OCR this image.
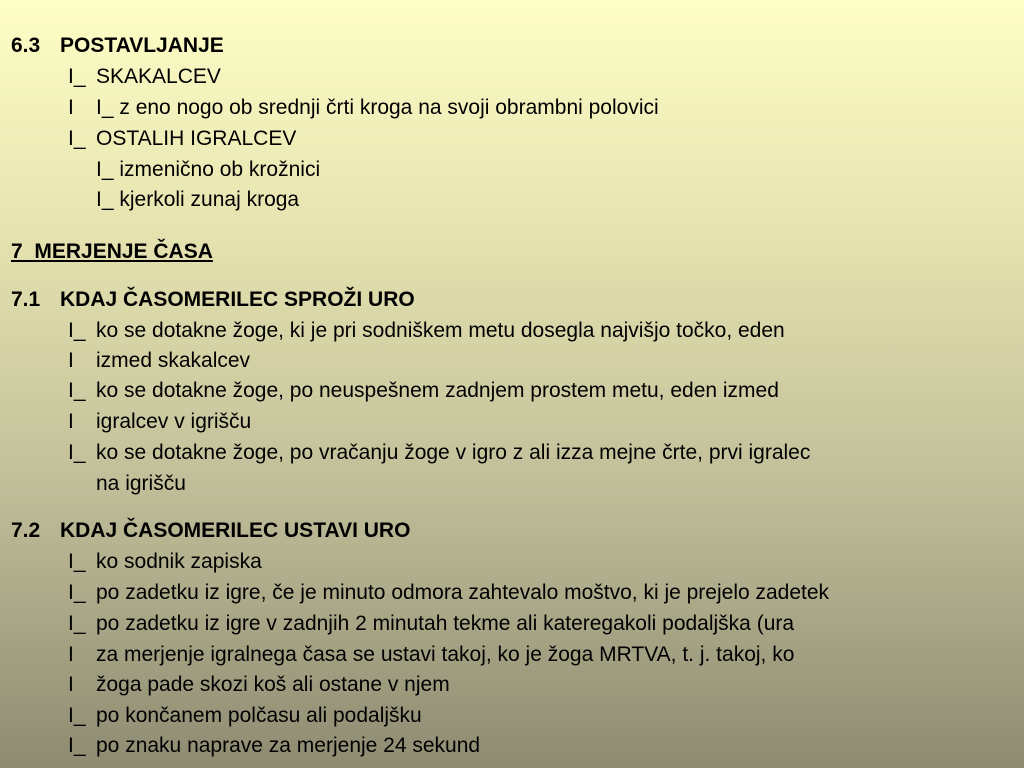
6.3 POSTAVLJANJE
I_ SKAKALCEV
I I_ z eno nogo ob srednji črti kroga na svoji obrambni polovici
I_ OSTALIH IGRALCEV
I_ izmenično ob krožnici
I_ kjerkoli zunaj kroga
7  MERJENJE ČASA
7.1 KDAJ ČASOMERILEC SPROŽI URO
I_ ko se dotakne žoge, ki je pri sodniškem metu dosegla najvišjo točko, eden
I izmed skakalcev
I_ ko se dotakne žoge, po neuspešnem zadnjem prostem metu, eden izmed
I igralcev v igrišču
I_ ko se dotakne žoge, po vračanju žoge v igro z ali izza mejne črte, prvi igralec
na igrišču
7.2 KDAJ ČASOMERILEC USTAVI URO
I_ ko sodnik zapiska
I_ po zadetku iz igre, če je minuto odmora zahtevalo moštvo, ki je prejelo zadetek
I_ po zadetku iz igre v zadnjih 2 minutah tekme ali kateregakoli podaljška (ura
I za merjenje igralnega časa se ustavi takoj, ko je žoga MRTVA, t. j. takoj, ko
I žoga pade skozi koš ali ostane v njem
I_ po končanem polčasu ali podaljšku
I_ po znaku naprave za merjenje 24 sekund
